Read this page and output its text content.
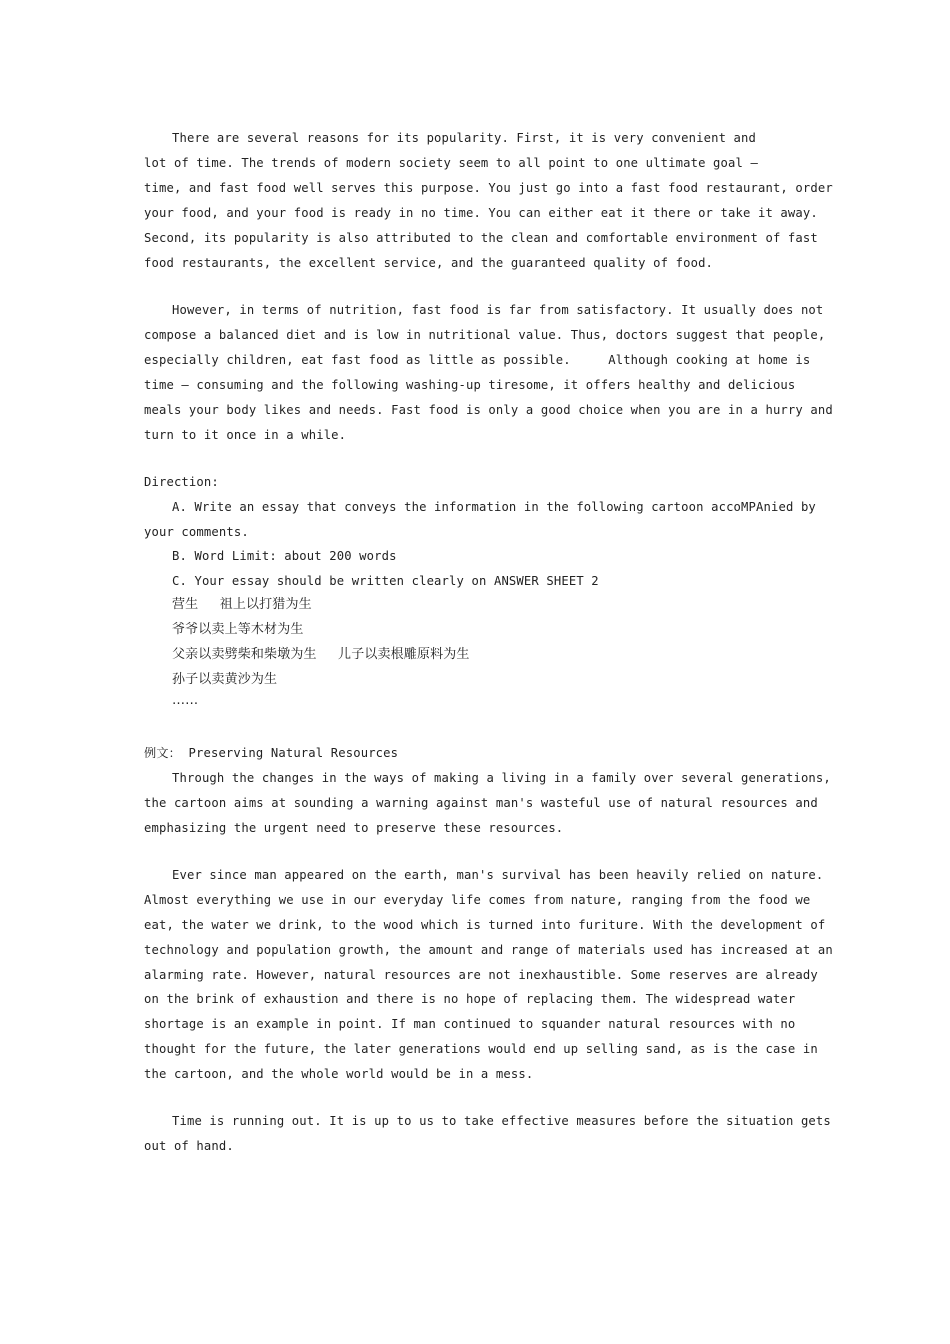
There are several reasons for its popularity. First, it is very convenient and
lot of time. The trends of modern society seem to all point to one ultimate goal —
time, and fast food well serves this purpose. You just go into a fast food restaurant, order
your food, and your food is ready in no time. You can either eat it there or take it away.
Second, its popularity is also attributed to the clean and comfortable environment of fast
food restaurants, the excellent service, and the guaranteed quality of food.
However, in terms of nutrition, fast food is far from satisfactory. It usually does not
compose a balanced diet and is low in nutritional value. Thus, doctors suggest that people,
especially children, eat fast food as little as possible.     Although cooking at home is
time — consuming and the following washing-up tiresome, it offers healthy and delicious
meals your body likes and needs. Fast food is only a good choice when you are in a hurry and
turn to it once in a while.
Direction:
A. Write an essay that conveys the information in the following cartoon accoMPAnied by
your comments.
B. Word Limit: about 200 words
C. Your essay should be written clearly on ANSWER SHEET 2
营生     祖上以打猎为生
爷爷以卖上等木材为生
父亲以卖劈柴和柴墩为生     儿子以卖根雕原料为生
孙子以卖黄沙为生
……
例文： Preserving Natural Resources
Through the changes in the ways of making a living in a family over several generations,
the cartoon aims at sounding a warning against man's wasteful use of natural resources and
emphasizing the urgent need to preserve these resources.
Ever since man appeared on the earth, man's survival has been heavily relied on nature.
Almost everything we use in our everyday life comes from nature, ranging from the food we
eat, the water we drink, to the wood which is turned into furiture. With the development of
technology and population growth, the amount and range of materials used has increased at an
alarming rate. However, natural resources are not inexhaustible. Some reserves are already
on the brink of exhaustion and there is no hope of replacing them. The widespread water
shortage is an example in point. If man continued to squander natural resources with no
thought for the future, the later generations would end up selling sand, as is the case in
the cartoon, and the whole world would be in a mess.
Time is running out. It is up to us to take effective measures before the situation gets
out of hand.
